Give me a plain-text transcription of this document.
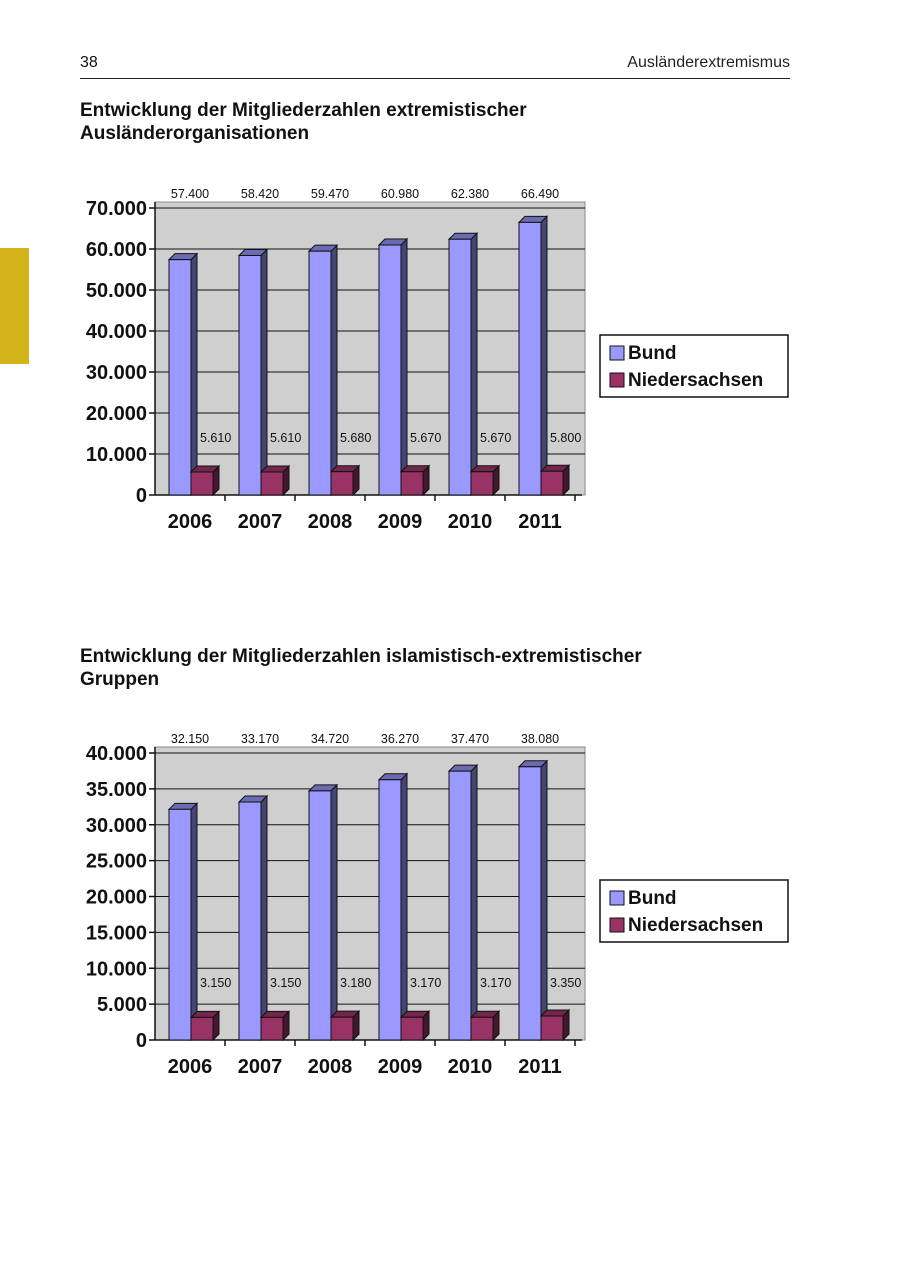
38	Ausländerextremismus
Entwicklung der Mitgliederzahlen extremistischer
Ausländerorganisationen
0
10.000
20.000
30.000
40.000
50.000
60.000
70.000
57.400
5.610
2006
58.420
5.610
2007
59.470
5.680
2008
60.980
5.670
2009
62.380
5.670
2010
66.490
5.800
2011
Bund
Niedersachsen
Entwicklung der Mitgliederzahlen islamistisch-extremistischer
Gruppen
0
5.000
10.000
15.000
20.000
25.000
30.000
35.000
40.000
32.150
3.150
2006
33.170
3.150
2007
34.720
3.180
2008
36.270
3.170
2009
37.470
3.170
2010
38.080
3.350
2011
Bund
Niedersachsen
